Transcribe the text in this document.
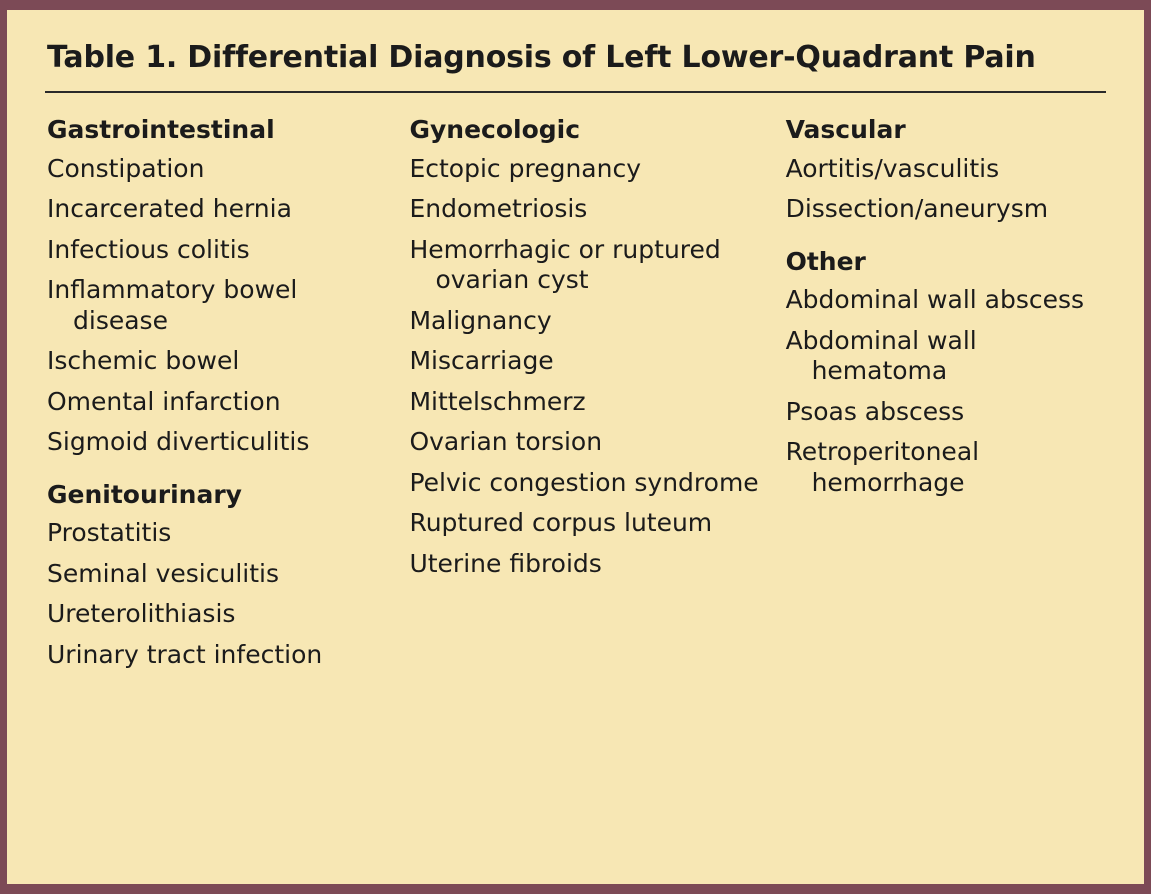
Table 1. Differential Diagnosis of Left Lower-Quadrant Pain
Gastrointestinal
Constipation
Incarcerated hernia
Infectious colitis
Inflammatory bowel disease
Ischemic bowel
Omental infarction
Sigmoid diverticulitis
Genitourinary
Prostatitis
Seminal vesiculitis
Ureterolithiasis
Urinary tract infection
Gynecologic
Ectopic pregnancy
Endometriosis
Hemorrhagic or ruptured ovarian cyst
Malignancy
Miscarriage
Mittelschmerz
Ovarian torsion
Pelvic congestion syndrome
Ruptured corpus luteum
Uterine fibroids
Vascular
Aortitis/vasculitis
Dissection/aneurysm
Other
Abdominal wall abscess
Abdominal wall hematoma
Psoas abscess
Retroperitoneal hemorrhage
